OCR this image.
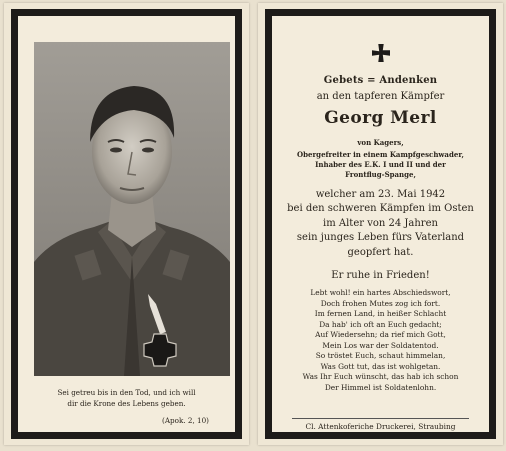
Sei getreu bis in den Tod, und ich will
dir die Krone des Lebens geben.
(Apok. 2, 10)
Gebets = Andenken
an den tapferen Kämpfer
Georg Merl
von Kagers,
Obergefreiter in einem Kampfgeschwader,
Inhaber des E.K. I und II und der
Frontflug-Spange,
welcher am 23. Mai 1942
bei den schweren Kämpfen im Osten
im Alter von 24 Jahren
sein junges Leben fürs Vaterland
geopfert hat.
Er ruhe in Frieden!
Lebt wohl! ein hartes Abschiedswort,
Doch frohen Mutes zog ich fort.
Im fernen Land, in heißer Schlacht
Da hab' ich oft an Euch gedacht;
Auf Wiedersehn; da rief mich Gott,
Mein Los war der Soldatentod.
So tröstet Euch, schaut himmelan,
Was Gott tut, das ist wohlgetan.
Was Ihr Euch wünscht, das hab ich schon
Der Himmel ist Soldatenlohn.
Cl. Attenkoferiche Druckerei, Straubing
